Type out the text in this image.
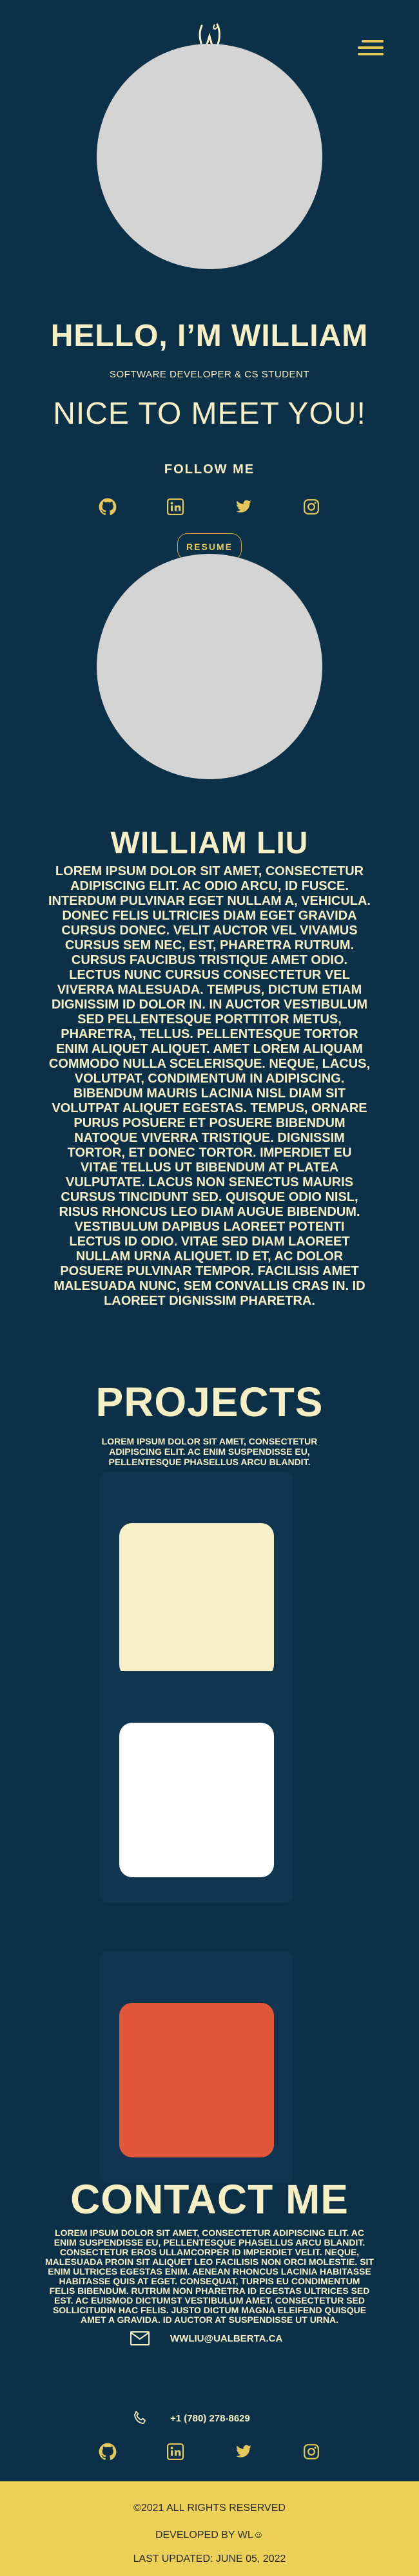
HELLO, I’M WILLIAM
SOFTWARE DEVELOPER & CS STUDENT
NICE TO MEET YOU!
FOLLOW ME
RESUME
WILLIAM LIU
LOREM IPSUM DOLOR SIT AMET, CONSECTETUR ADIPISCING ELIT. AC ODIO ARCU, ID FUSCE. INTERDUM PULVINAR EGET NULLAM A, VEHICULA. DONEC FELIS ULTRICIES DIAM EGET GRAVIDA CURSUS DONEC. VELIT AUCTOR VEL VIVAMUS CURSUS SEM NEC, EST, PHARETRA RUTRUM. CURSUS FAUCIBUS TRISTIQUE AMET ODIO. LECTUS NUNC CURSUS CONSECTETUR VEL VIVERRA MALESUADA. TEMPUS, DICTUM ETIAM DIGNISSIM ID DOLOR IN. IN AUCTOR VESTIBULUM SED PELLENTESQUE PORTTITOR METUS, PHARETRA, TELLUS. PELLENTESQUE TORTOR ENIM ALIQUET ALIQUET. AMET LOREM ALIQUAM COMMODO NULLA SCELERISQUE. NEQUE, LACUS, VOLUTPAT, CONDIMENTUM IN ADIPISCING. BIBENDUM MAURIS LACINIA NISL DIAM SIT VOLUTPAT ALIQUET EGESTAS. TEMPUS, ORNARE PURUS POSUERE ET POSUERE BIBENDUM NATOQUE VIVERRA TRISTIQUE. DIGNISSIM TORTOR, ET DONEC TORTOR. IMPERDIET EU VITAE TELLUS UT BIBENDUM AT PLATEA VULPUTATE. LACUS NON SENECTUS MAURIS CURSUS TINCIDUNT SED. QUISQUE ODIO NISL, RISUS RHONCUS LEO DIAM AUGUE BIBENDUM. VESTIBULUM DAPIBUS LAOREET POTENTI LECTUS ID ODIO. VITAE SED DIAM LAOREET NULLAM URNA ALIQUET. ID ET, AC DOLOR POSUERE PULVINAR TEMPOR. FACILISIS AMET MALESUADA NUNC, SEM CONVALLIS CRAS IN. ID LAOREET DIGNISSIM PHARETRA.
PROJECTS
LOREM IPSUM DOLOR SIT AMET, CONSECTETUR ADIPISCING ELIT. AC ENIM SUSPENDISSE EU, PELLENTESQUE PHASELLUS ARCU BLANDIT.
CONTACT ME
LOREM IPSUM DOLOR SIT AMET, CONSECTETUR ADIPISCING ELIT. AC ENIM SUSPENDISSE EU, PELLENTESQUE PHASELLUS ARCU BLANDIT. CONSECTETUR EROS ULLAMCORPER ID IMPERDIET VELIT. NEQUE, MALESUADA PROIN SIT ALIQUET LEO FACILISIS NON ORCI MOLESTIE. SIT ENIM ULTRICES EGESTAS ENIM. AENEAN RHONCUS LACINIA HABITASSE HABITASSE QUIS AT EGET. CONSEQUAT, TURPIS EU CONDIMENTUM FELIS BIBENDUM. RUTRUM NON PHARETRA ID EGESTAS ULTRICES SED EST. AC EUISMOD DICTUMST VESTIBULUM AMET. CONSECTETUR SED SOLLICITUDIN HAC FELIS. JUSTO DICTUM MAGNA ELEIFEND QUISQUE AMET A GRAVIDA. ID AUCTOR AT SUSPENDISSE UT URNA.
WWLIU@UALBERTA.CA
+1 (780) 278-8629
©2021 ALL RIGHTS RESERVED
DEVELOPED BY WL☺
LAST UPDATED: JUNE 05, 2022
